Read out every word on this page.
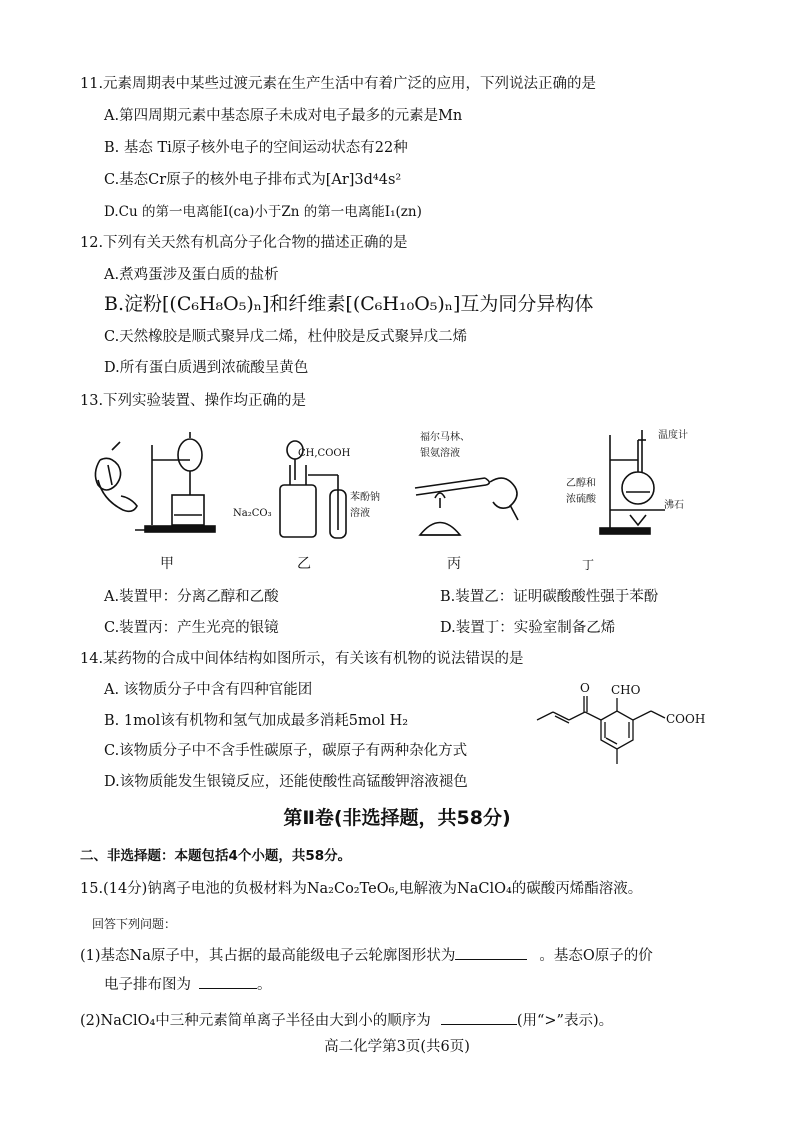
11.元素周期表中某些过渡元素在生产生活中有着广泛的应用，下列说法正确的是
A.第四周期元素中基态原子未成对电子最多的元素是Mn
B. 基态 Ti原子核外电子的空间运动状态有22种
C.基态Cr原子的核外电子排布式为[Ar]3d⁴4s²
D.Cu 的第一电离能I(ca)小于Zn 的第一电离能I₁(zn)
12.下列有关天然有机高分子化合物的描述正确的是
A.煮鸡蛋涉及蛋白质的盐析
B.淀粉[(C₆H₈O₅)ₙ]和纤维素[(C₆H₁₀O₅)ₙ]互为同分异构体
C.天然橡胶是顺式聚异戊二烯，杜仲胶是反式聚异戊二烯
D.所有蛋白质遇到浓硫酸呈黄色
13.下列实验装置、操作均正确的是
CH,COOH
Na₂CO₃
苯酚钠
溶液
福尔马林、
银氨溶液
温度计
乙醇和
浓硫酸
沸石
甲	乙	丙	丁
A.装置甲：分离乙醇和乙酸	B.装置乙：证明碳酸酸性强于苯酚
C.装置丙：产生光亮的银镜	D.装置丁：实验室制备乙烯
14.某药物的合成中间体结构如图所示，有关该有机物的说法错误的是
A. 该物质分子中含有四种官能团
B. 1mol该有机物和氢气加成最多消耗5mol H₂
C.该物质分子中不含手性碳原子，碳原子有两种杂化方式
D.该物质能发生银镜反应，还能使酸性高锰酸钾溶液褪色
O CHO
COOH
第Ⅱ卷(非选择题，共58分)
二、非选择题：本题包括4个小题，共58分。
15.(14分)钠离子电池的负极材料为Na₂Co₂TeO₆,电解液为NaClO₄的碳酸丙烯酯溶液。
回答下列问题：
(1)基态Na原子中，其占据的最高能级电子云轮廓图形状为	。基态O原子的价
电子排布图为	。
(2)NaClO₄中三种元素简单离子半径由大到小的顺序为	(用“>”表示)。
高二化学第3页(共6页)
